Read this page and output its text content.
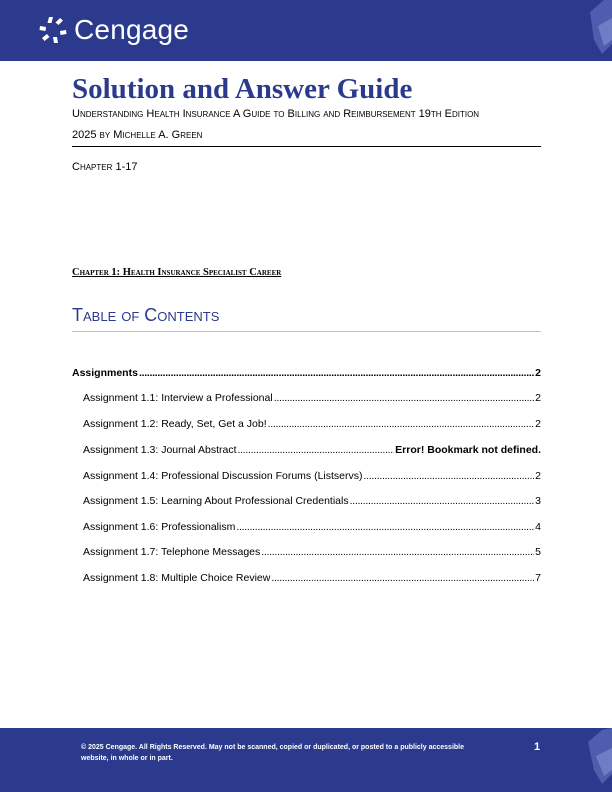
Cengage
Solution and Answer Guide
Understanding Health Insurance A Guide to Billing and Reimbursement 19th Edition
2025 by Michelle A. Green
Chapter 1-17
Chapter 1: Health Insurance Specialist Career
Table of Contents
Assignments . . .	2
Assignment 1.1: Interview a Professional . . .	2
Assignment 1.2: Ready, Set, Get a Job! . . .	2
Assignment 1.3: Journal Abstract . . .	Error! Bookmark not defined.
Assignment 1.4: Professional Discussion Forums (Listservs) . . .	2
Assignment 1.5: Learning About Professional Credentials . . .	3
Assignment 1.6: Professionalism . . .	4
Assignment 1.7: Telephone Messages . . .	5
Assignment 1.8: Multiple Choice Review . . .	7
© 2025 Cengage. All Rights Reserved. May not be scanned, copied or duplicated, or posted to a publicly accessible website, in whole or in part.
1
